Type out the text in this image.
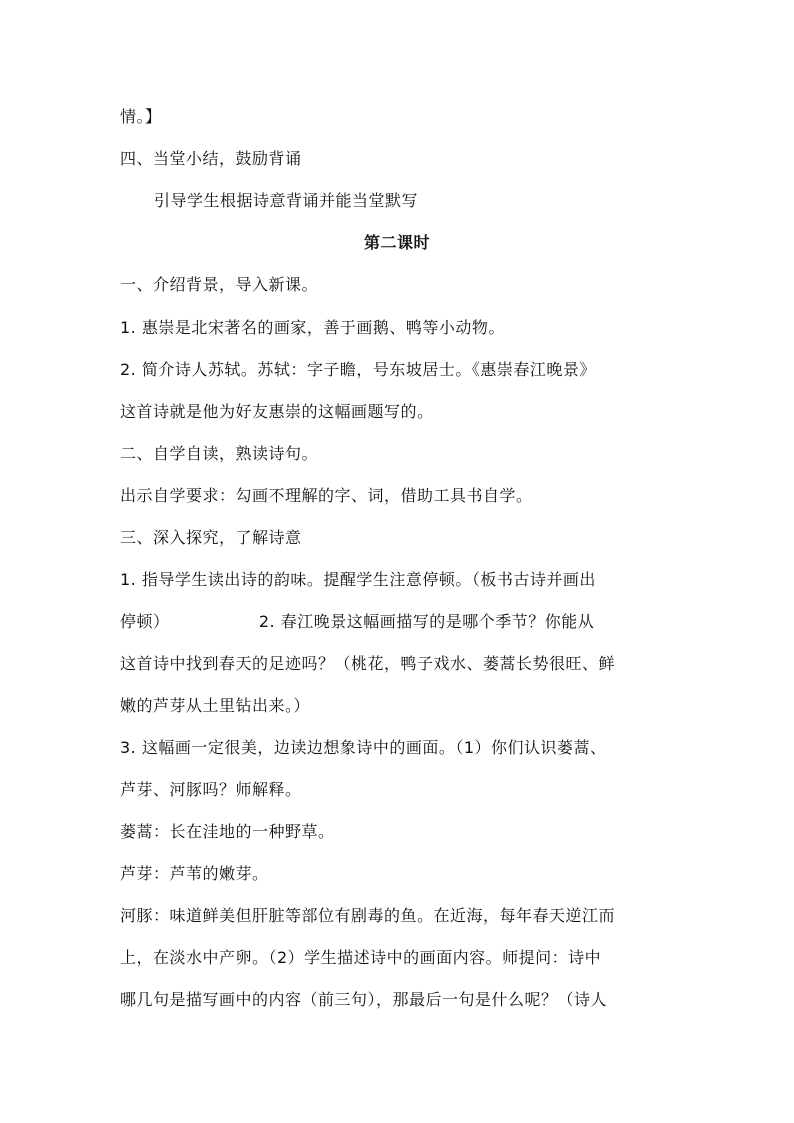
情。】
四、当堂小结，鼓励背诵
引导学生根据诗意背诵并能当堂默写
第二课时
一、介绍背景，导入新课。
1. 惠崇是北宋著名的画家，善于画鹅、鸭等小动物。
2. 简介诗人苏轼。苏轼：字子瞻，号东坡居士。《惠崇春江晚景》
这首诗就是他为好友惠崇的这幅画题写的。
二、自学自读，熟读诗句。
出示自学要求：勾画不理解的字、词，借助工具书自学。
三、深入探究，了解诗意
1. 指导学生读出诗的韵味。提醒学生注意停顿。（板书古诗并画出
停顿）                2. 春江晚景这幅画描写的是哪个季节？你能从
这首诗中找到春天的足迹吗？（桃花，鸭子戏水、蒌蒿长势很旺、鲜
嫩的芦芽从土里钻出来。）
3. 这幅画一定很美，边读边想象诗中的画面。（1）你们认识蒌蒿、
芦芽、河豚吗？师解释。
蒌蒿：长在洼地的一种野草。
芦芽：芦苇的嫩芽。
河豚：味道鲜美但肝脏等部位有剧毒的鱼。在近海，每年春天逆江而
上，在淡水中产卵。（2）学生描述诗中的画面内容。师提问：诗中
哪几句是描写画中的内容（前三句），那最后一句是什么呢？（诗人
